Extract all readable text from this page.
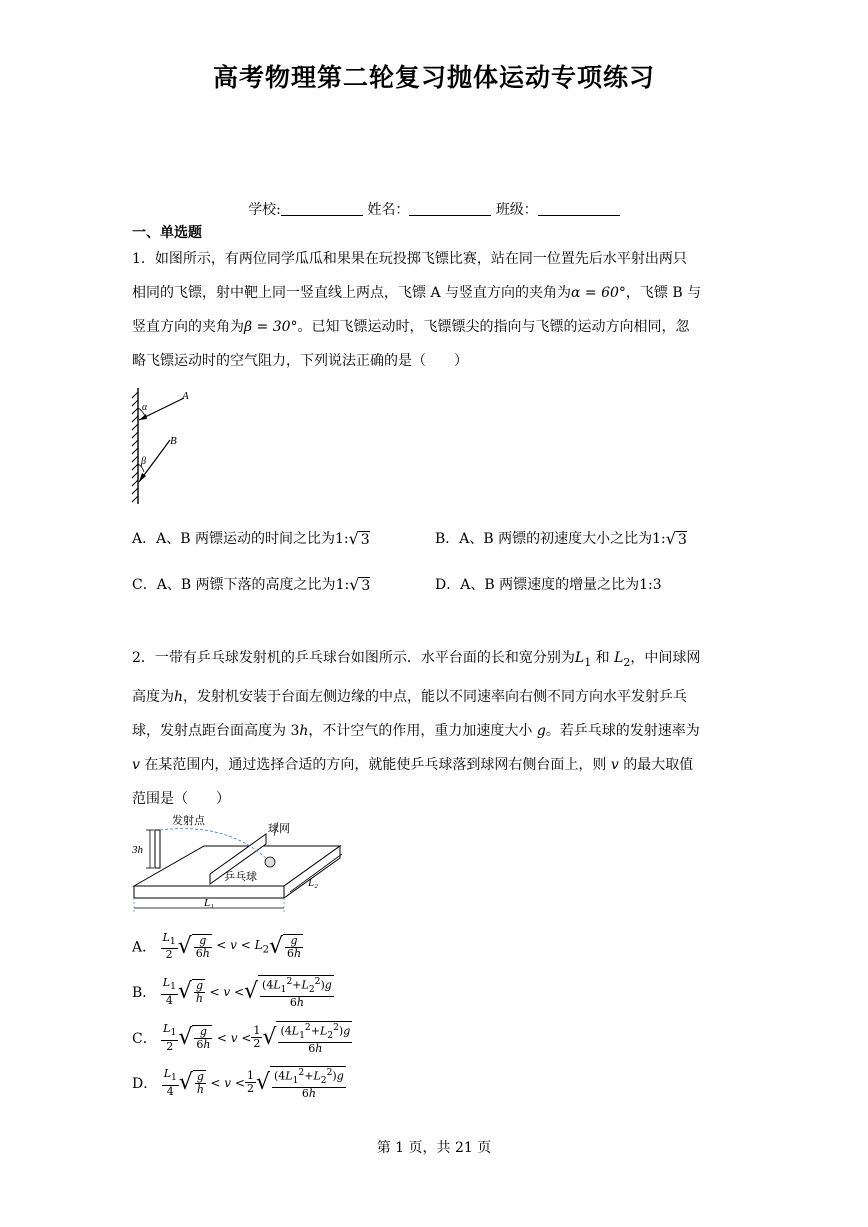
高考物理第二轮复习抛体运动专项练习
学校:	姓名：	班级：
一、单选题
1．如图所示，有两位同学瓜瓜和果果在玩投掷飞镖比赛，站在同一位置先后水平射出两只
相同的飞镖，射中靶上同一竖直线上两点，飞镖 A 与竖直方向的夹角为α = 60°，飞镖 B 与
竖直方向的夹角为β = 30°。已知飞镖运动时，飞镖镖尖的指向与飞镖的运动方向相同，忽
略飞镖运动时的空气阻力，下列说法正确的是（　　）
A
B
α
β
A．A、B 两镖运动的时间之比为1:√ 3	B．A、B 两镖的初速度大小之比为1:√ 3
C．A、B 两镖下落的高度之比为1:√ 3	D．A、B 两镖速度的增量之比为1:3
2．一带有乒乓球发射机的乒乓球台如图所示．水平台面的长和宽分别为$L_1$ 和 $L_2$，中间球网
高度为h，发射机安装于台面左侧边缘的中点，能以不同速率向右侧不同方向水平发射乒乓
球，发射点距台面高度为 3h，不计空气的作用，重力加速度大小 g。若乒乓球的发射速率为
v 在某范围内，通过选择合适的方向，就能使乒乓球落到球网右侧台面上，则 v 的最大取值
范围是（　　）
发射点
球网
乒乓球
3h
L₁
L₂
A． $\frac{L_1}{2}$ √ $\frac{g}{6h} < v < L_2√ \frac{g}{6h}$
B． $\frac{L_1}{4}$ √ $\frac{g}{h} < v$ <√ $\frac{(4L_1^2+L_2^2)g}{6h}$
C． $\frac{L_1}{2}$ √ $\frac{g}{6h} < v < \frac{1}{2}$ √ $\frac{(4L_1^2+L_2^2)g}{6h}$
D． $\frac{L_1}{4}$ √ $\frac{g}{h} < v < \frac{1}{2}$ √ $\frac{(4L_1^2+L_2^2)g}{6h}$
第 1 页，共 21 页
